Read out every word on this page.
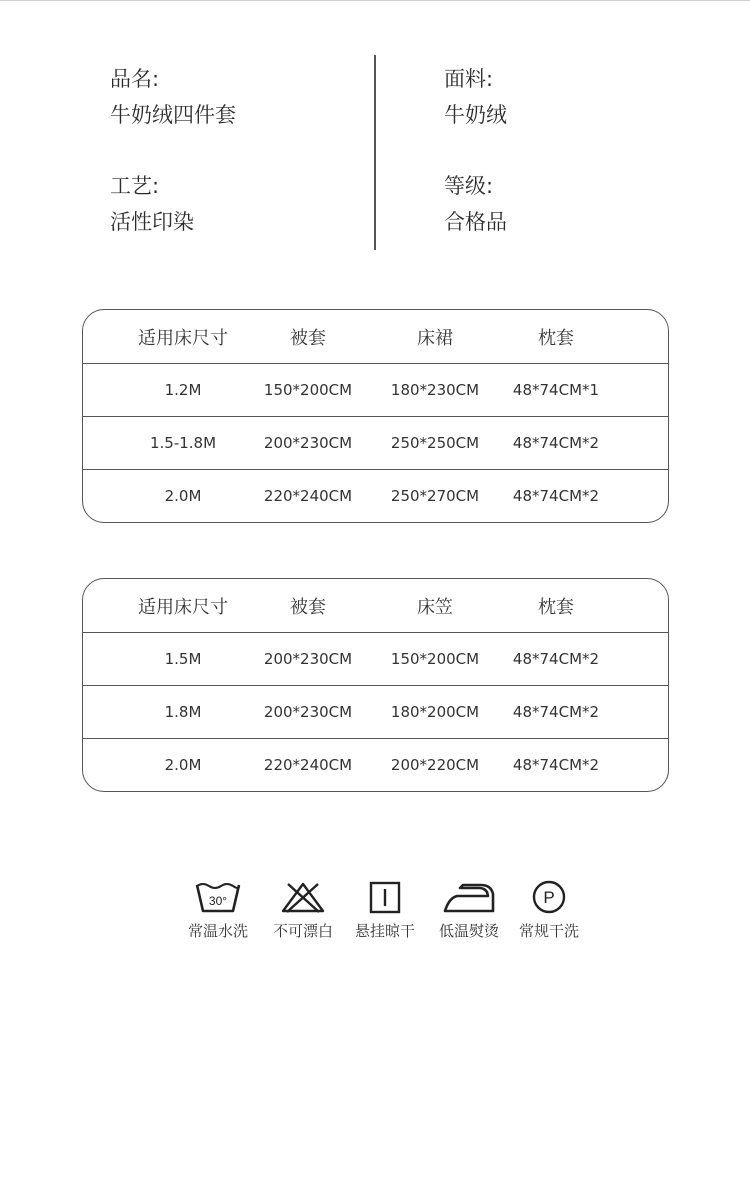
品名:
牛奶绒四件套
工艺:
活性印染
面料:
牛奶绒
等级:
合格品
适用床尺寸	被套	床裙	枕套
1.2M	150*200CM	180*230CM	48*74CM*1
1.5-1.8M	200*230CM	250*250CM	48*74CM*2
2.0M	220*240CM	250*270CM	48*74CM*2
适用床尺寸	被套	床笠	枕套
1.5M	200*230CM	150*200CM	48*74CM*2
1.8M	200*230CM	180*200CM	48*74CM*2
2.0M	220*240CM	200*220CM	48*74CM*2
30°
常温水洗	不可漂白	悬挂晾干	低温熨烫
P
常规干洗
